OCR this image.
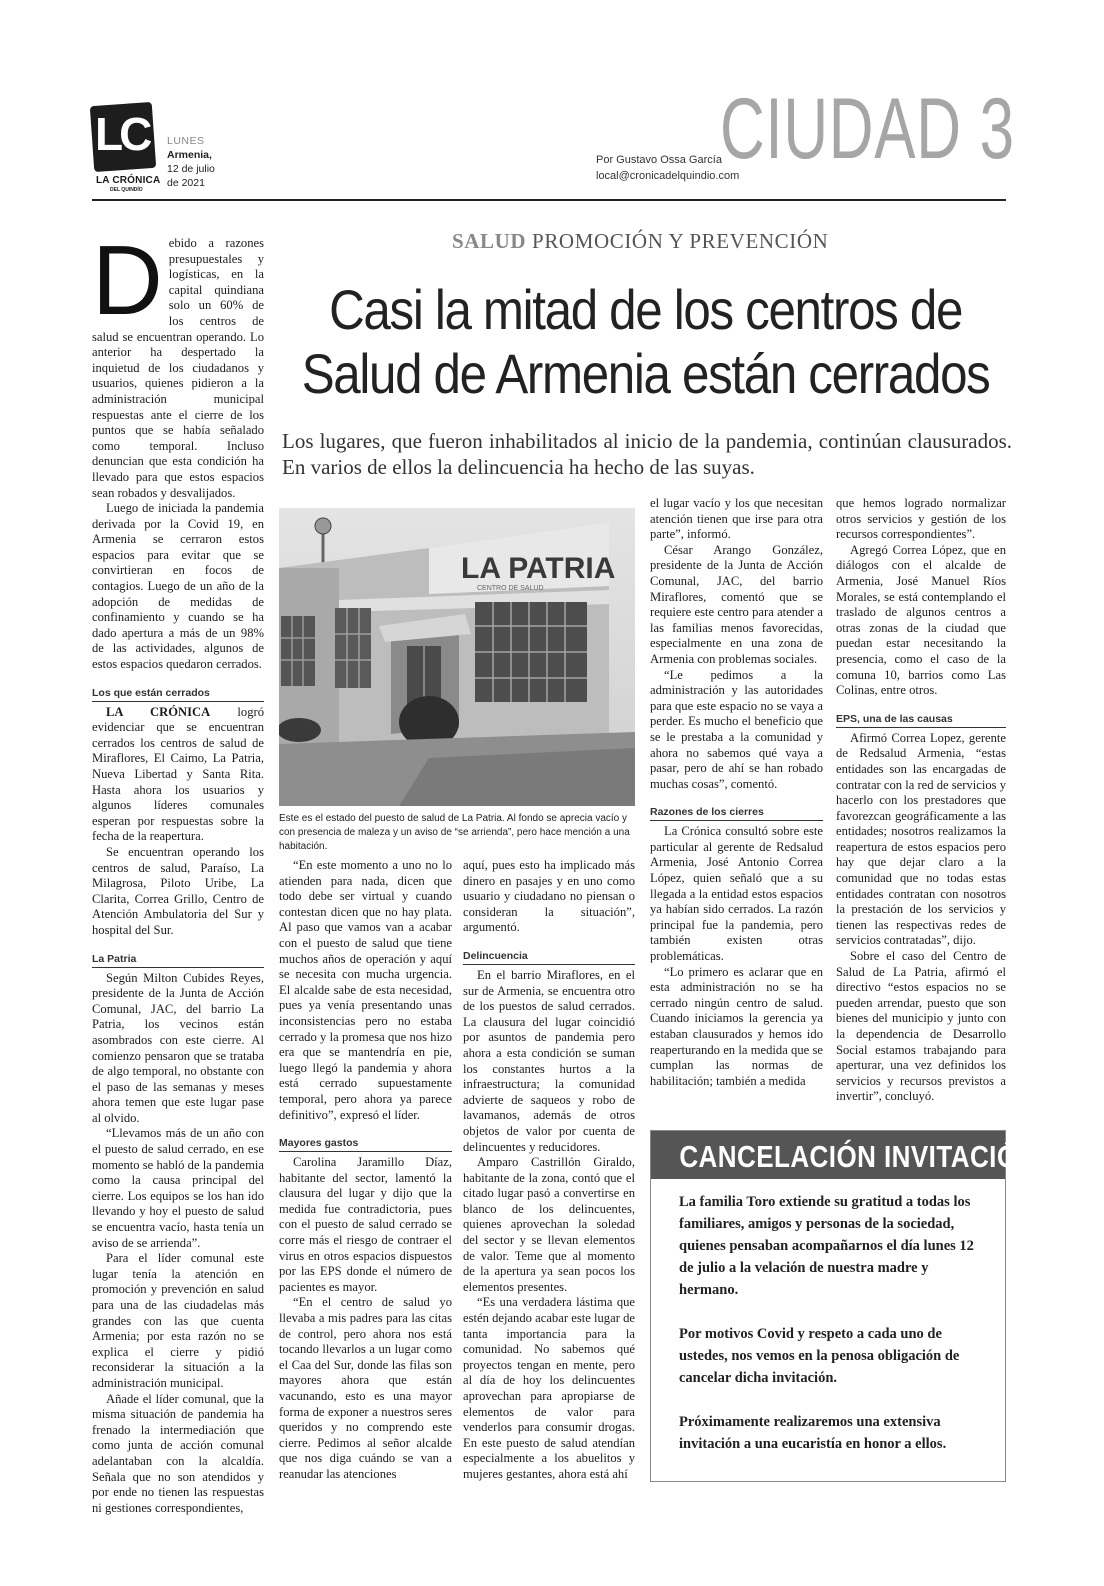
LC
LA CRÓNICA
DEL QUINDÍO
LUNES
Armenia,
12 de julio
de 2021
Por Gustavo Ossa García
local@cronicadelquindio.com
CIUDAD 3
SALUD PROMOCIÓN Y PREVENCIÓN
Casi la mitad de los centros de Salud de Armenia están cerrados
Los lugares, que fueron inhabilitados al inicio de la pandemia, continúan clausurados. En varios de ellos la delincuencia ha hecho de las suyas.

Debido a razones presupuestales y logísticas, en la capital quindiana solo un 60% de los centros de salud se encuentran operando. Lo anterior ha despertado la inquietud de los ciudadanos y usuarios, quienes pidieron a la administración municipal respuestas ante el cierre de los puntos que se había señalado como temporal. Incluso denuncian que esta condición ha llevado para que estos espacios sean robados y desvalijados.

Luego de iniciada la pandemia derivada por la Covid 19, en Armenia se cerraron estos espacios para evitar que se convirtieran en focos de contagios. Luego de un año de la adopción de medidas de confinamiento y cuando se ha dado apertura a más de un 98% de las actividades, algunos de estos espacios quedaron cerrados.

Los que están cerrados

LA CRÓNICA logró evidenciar que se encuentran cerrados los centros de salud de Miraflores, El Caimo, La Patria, Nueva Libertad y Santa Rita. Hasta ahora los usuarios y algunos líderes comunales esperan por respuestas sobre la fecha de la reapertura.

Se encuentran operando los centros de salud, Paraíso, La Milagrosa, Piloto Uribe, La Clarita, Correa Grillo, Centro de Atención Ambulatoria del Sur y hospital del Sur.

La Patria

Según Milton Cubides Reyes, presidente de la Junta de Acción Comunal, JAC, del barrio La Patria, los vecinos están asombrados con este cierre. Al comienzo pensaron que se trataba de algo temporal, no obstante con el paso de las semanas y meses ahora temen que este lugar pase al olvido.

“Llevamos más de un año con el puesto de salud cerrado, en ese momento se habló de la pandemia como la causa principal del cierre. Los equipos se los han ido llevando y hoy el puesto de salud se encuentra vacío, hasta tenía un aviso de se arrienda”.

Para el líder comunal este lugar tenía la atención en promoción y prevención en salud para una de las ciudadelas más grandes con las que cuenta Armenia; por esta razón no se explica el cierre y pidió reconsiderar la situación a la administración municipal.

Añade el líder comunal, que la misma situación de pandemia ha frenado la intermediación que como junta de acción comunal adelantaban con la alcaldía. Señala que no son atendidos y por ende no tienen las respuestas ni gestiones correspondientes,

LA PATRIA
CENTRO DE SALUD
Este es el estado del puesto de salud de La Patria. Al fondo se aprecia vacío y con presencia de maleza y un aviso de “se arrienda”, pero hace mención a una habitación.

“En este momento a uno no lo atienden para nada, dicen que todo debe ser virtual y cuando contestan dicen que no hay plata. Al paso que vamos van a acabar con el puesto de salud que tiene muchos años de operación y aquí se necesita con mucha urgencia. El alcalde sabe de esta necesidad, pues ya venía presentando unas inconsistencias pero no estaba cerrado y la promesa que nos hizo era que se mantendría en pie, luego llegó la pandemia y ahora está cerrado supuestamente temporal, pero ahora ya parece definitivo”, expresó el líder.

Mayores gastos

Carolina Jaramillo Díaz, habitante del sector, lamentó la clausura del lugar y dijo que la medida fue contradictoria, pues con el puesto de salud cerrado se corre más el riesgo de contraer el virus en otros espacios dispuestos por las EPS donde el número de pacientes es mayor.

“En el centro de salud yo llevaba a mis padres para las citas de control, pero ahora nos está tocando llevarlos a un lugar como el Caa del Sur, donde las filas son mayores ahora que están vacunando, esto es una mayor forma de exponer a nuestros seres queridos y no comprendo este cierre. Pedimos al señor alcalde que nos diga cuándo se van a reanudar las atenciones

aquí, pues esto ha implicado más dinero en pasajes y en uno como usuario y ciudadano no piensan o consideran la situación”, argumentó.

Delincuencia

En el barrio Miraflores, en el sur de Armenia, se encuentra otro de los puestos de salud cerrados. La clausura del lugar coincidió por asuntos de pandemia pero ahora a esta condición se suman los constantes hurtos a la infraestructura; la comunidad advierte de saqueos y robo de lavamanos, además de otros objetos de valor por cuenta de delincuentes y reducidores.

Amparo Castrillón Giraldo, habitante de la zona, contó que el citado lugar pasó a convertirse en blanco de los delincuentes, quienes aprovechan la soledad del sector y se llevan elementos de valor. Teme que al momento de la apertura ya sean pocos los elementos presentes.

“Es una verdadera lástima que estén dejando acabar este lugar de tanta importancia para la comunidad. No sabemos qué proyectos tengan en mente, pero al día de hoy los delincuentes aprovechan para apropiarse de elementos de valor para venderlos para consumir drogas. En este puesto de salud atendían especialmente a los abuelitos y mujeres gestantes, ahora está ahí

el lugar vacío y los que necesitan atención tienen que irse para otra parte”, informó.

César Arango González, presidente de la Junta de Acción Comunal, JAC, del barrio Miraflores, comentó que se requiere este centro para atender a las familias menos favorecidas, especialmente en una zona de Armenia con problemas sociales.

“Le pedimos a la administración y las autoridades para que este espacio no se vaya a perder. Es mucho el beneficio que se le prestaba a la comunidad y ahora no sabemos qué vaya a pasar, pero de ahí se han robado muchas cosas”, comentó.

Razones de los cierres

La Crónica consultó sobre este particular al gerente de Redsalud Armenia, José Antonio Correa López, quien señaló que a su llegada a la entidad estos espacios ya habían sido cerrados. La razón principal fue la pandemia, pero también existen otras problemáticas.

“Lo primero es aclarar que en esta administración no se ha cerrado ningún centro de salud. Cuando iniciamos la gerencia ya estaban clausurados y hemos ido reaperturando en la medida que se cumplan las normas de habilitación; también a medida

que hemos logrado normalizar otros servicios y gestión de los recursos correspondientes”.

Agregó Correa López, que en diálogos con el alcalde de Armenia, José Manuel Ríos Morales, se está contemplando el traslado de algunos centros a otras zonas de la ciudad que puedan estar necesitando la presencia, como el caso de la comuna 10, barrios como Las Colinas, entre otros.

EPS, una de las causas

Afirmó Correa Lopez, gerente de Redsalud Armenia, “estas entidades son las encargadas de contratar con la red de servicios y hacerlo con los prestadores que favorezcan geográficamente a las entidades; nosotros realizamos la reapertura de estos espacios pero hay que dejar claro a la comunidad que no todas estas entidades contratan con nosotros la prestación de los servicios y tienen las respectivas redes de servicios contratadas”, dijo.

Sobre el caso del Centro de Salud de La Patria, afirmó el directivo “estos espacios no se pueden arrendar, puesto que son bienes del municipio y junto con la dependencia de Desarrollo Social estamos trabajando para aperturar, una vez definidos los servicios y recursos previstos a invertir”, concluyó.

CANCELACIÓN INVITACIÓN

La familia Toro extiende su gratitud a todas los familiares, amigos y personas de la sociedad, quienes pensaban acompañarnos el día lunes 12 de julio a la velación de nuestra madre y hermano.

Por motivos Covid y respeto a cada uno de ustedes, nos vemos en la penosa obligación de cancelar dicha invitación.

Próximamente realizaremos una extensiva invitación a una eucaristía en honor a ellos.
